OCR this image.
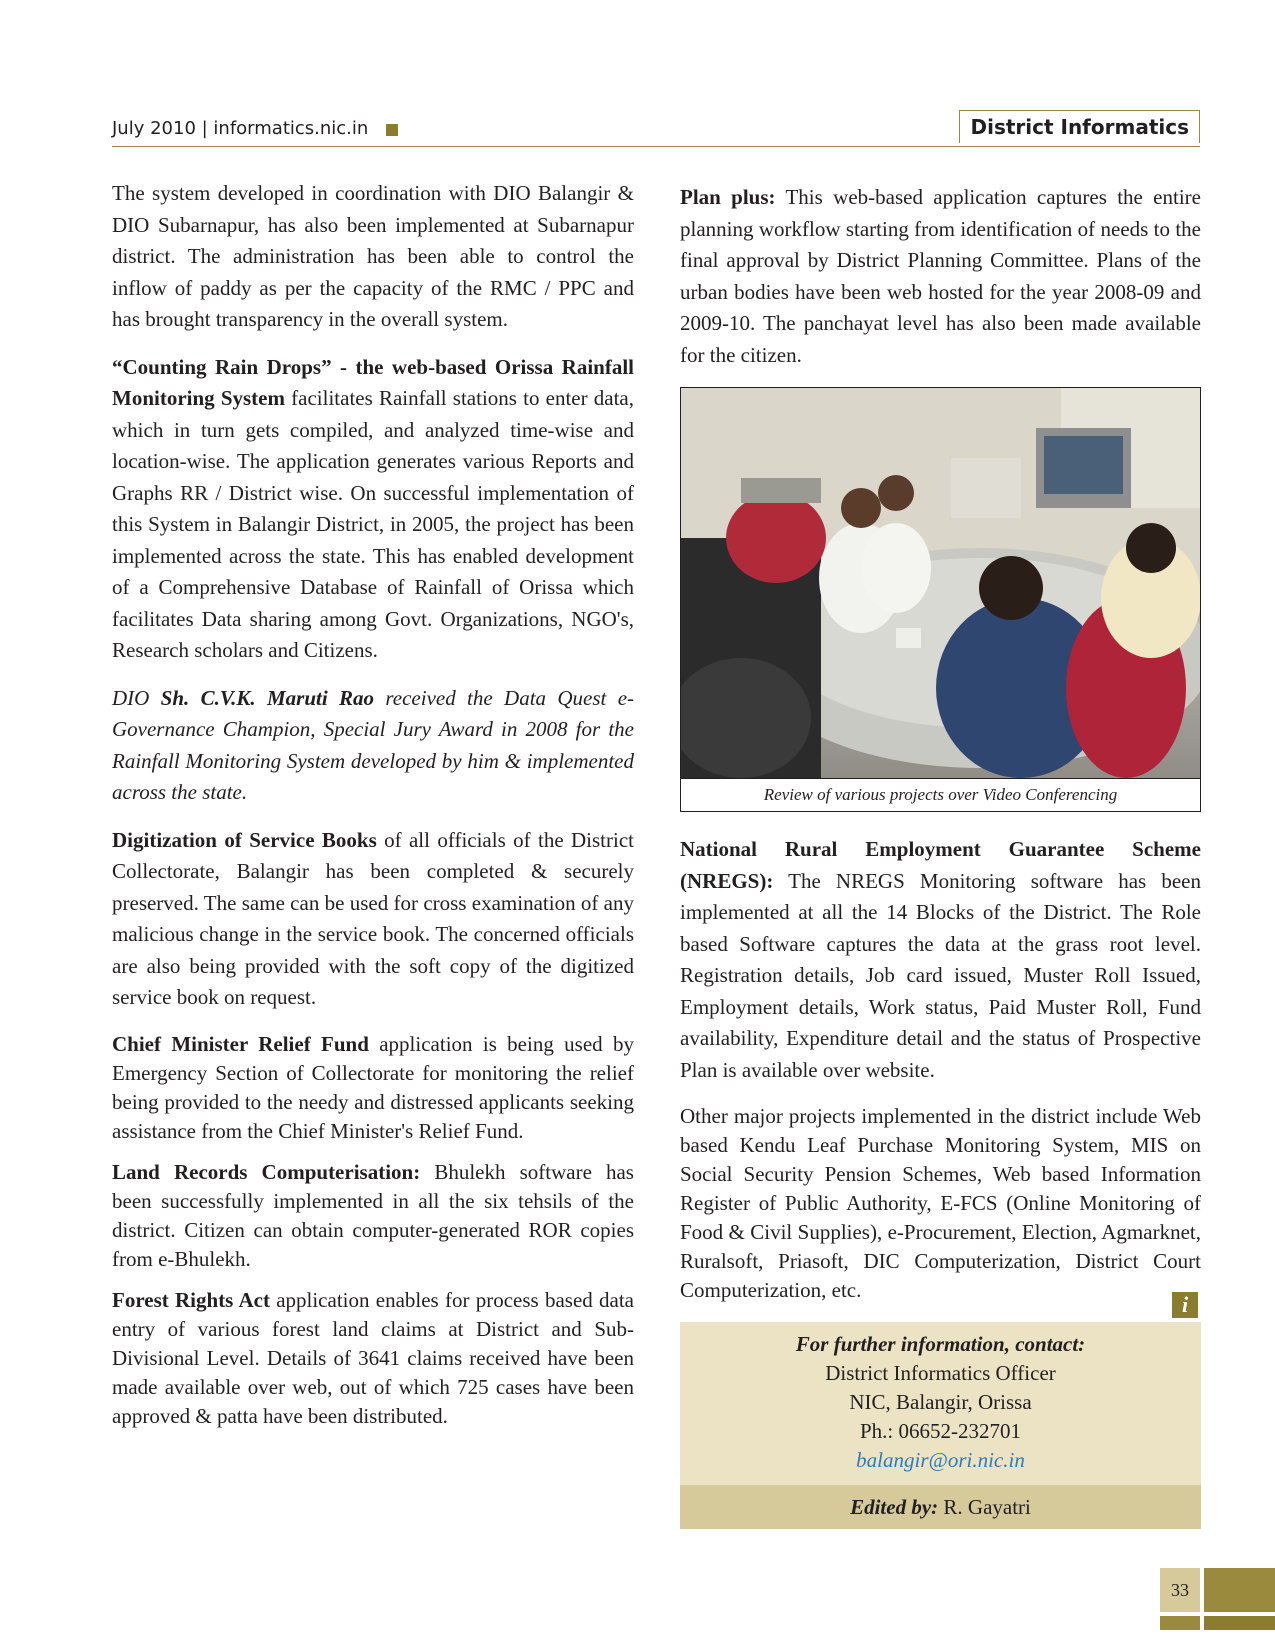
July 2010 | informatics.nic.in	District Informatics

The system developed in coordination with DIO Balangir & DIO Subarnapur, has also been implemented at Subarnapur district. The administration has been able to control the inflow of paddy as per the capacity of the RMC / PPC and has brought transparency in the overall system.

“Counting Rain Drops” - the web-based Orissa Rainfall Monitoring System facilitates Rainfall stations to enter data, which in turn gets compiled, and analyzed time-wise and location-wise. The application generates various Reports and Graphs RR / District wise. On successful implementation of this System in Balangir District, in 2005, the project has been implemented across the state. This has enabled development of a Comprehensive Database of Rainfall of Orissa which facilitates Data sharing among Govt. Organizations, NGO's, Research scholars and Citizens.

DIO Sh. C.V.K. Maruti Rao received the Data Quest e-Governance Champion, Special Jury Award in 2008 for the Rainfall Monitoring System developed by him & implemented across the state.

Digitization of Service Books of all officials of the District Collectorate, Balangir has been completed & securely preserved. The same can be used for cross examination of any malicious change in the service book. The concerned officials are also being provided with the soft copy of the digitized service book on request.

Chief Minister Relief Fund application is being used by Emergency Section of Collectorate for monitoring the relief being provided to the needy and distressed applicants seeking assistance from the Chief Minister's Relief Fund.

Land Records Computerisation: Bhulekh software has been successfully implemented in all the six tehsils of the district. Citizen can obtain computer-generated ROR copies from e-Bhulekh.

Forest Rights Act application enables for process based data entry of various forest land claims at District and Sub-Divisional Level. Details of 3641 claims received have been made available over web, out of which 725 cases have been approved & patta have been distributed.

Plan plus: This web-based application captures the entire planning workflow starting from identification of needs to the final approval by District Planning Committee. Plans of the urban bodies have been web hosted for the year 2008-09 and 2009-10. The panchayat level has also been made available for the citizen.

Review of various projects over Video Conferencing

National Rural Employment Guarantee Scheme (NREGS): The NREGS Monitoring software has been implemented at all the 14 Blocks of the District. The Role based Software captures the data at the grass root level. Registration details, Job card issued, Muster Roll Issued, Employment details, Work status, Paid Muster Roll, Fund availability, Expenditure detail and the status of Prospective Plan is available over website.

Other major projects implemented in the district include Web based Kendu Leaf Purchase Monitoring System, MIS on Social Security Pension Schemes, Web based Information Register of Public Authority, E-FCS (Online Monitoring of Food & Civil Supplies), e-Procurement, Election, Agmarknet, Ruralsoft, Priasoft, DIC Computerization, District Court Computerization, etc.

i
For further information, contact:
District Informatics Officer
NIC, Balangir, Orissa
Ph.: 06652-232701
balangir@ori.nic.in
Edited by: R. Gayatri
33
